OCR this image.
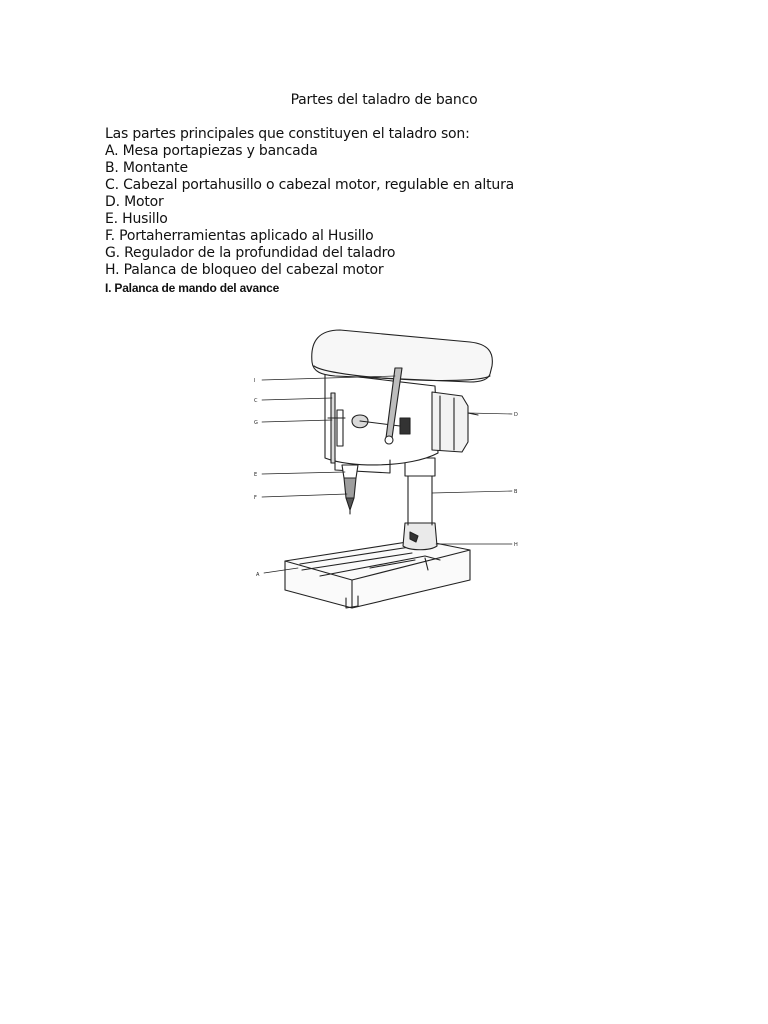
Partes del taladro de banco

Las partes principales que constituyen el taladro son:

A. Mesa portapiezas y bancada
B. Montante
C. Cabezal portahusillo o cabezal motor, regulable en altura
D. Motor
E. Husillo
F. Portaherramientas aplicado al Husillo
G. Regulador de la profundidad del taladro
H. Palanca de bloqueo del cabezal motor
I. Palanca de mando del avance
I
C
G
E
F
A
D
B
H
